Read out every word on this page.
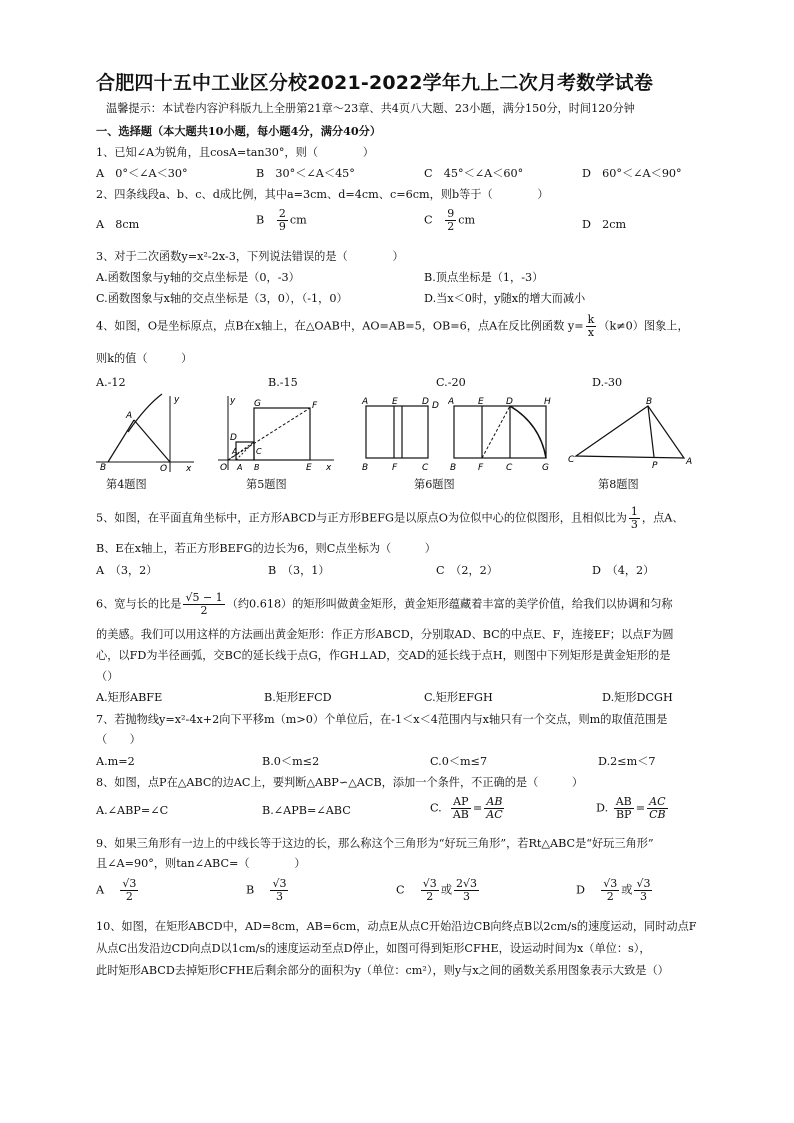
合肥四十五中工业区分校2021-2022学年九上二次月考数学试卷
温馨提示：本试卷内容沪科版九上全册第21章～23章、共4页八大题、23小题，满分150分，时间120分钟
一、选择题（本大题共10小题，每小题4分，满分40分）
1、已知∠A为锐角，且cosA=tan30°，则（　　　　）
A　0°＜∠A＜30°	B　30°＜∠A＜45°	C　45°＜∠A＜60°	D　60°＜∠A＜90°
2、四条线段a、b、c、d成比例，其中a=3cm、d=4cm、c=6cm，则b等于（　　　　）
A　8cm	B $\frac{2}{9}$ cm	C $\frac{9}{2}$ cm	D　2cm
3、对于二次函数y=x²-2x-3，下列说法错误的是（　　　　）
A.函数图象与y轴的交点坐标是（0，-3）	B.顶点坐标是（1，-3）
C.函数图象与x轴的交点坐标是（3，0），（-1，0）	D.当x＜0时，y随x的增大而减小
4、如图，O是坐标原点，点B在x轴上，在△OAB中，AO=AB=5，OB=6，点A在反比例函数 $y= \frac{k}{x} (k\ne 0)$图象上，
则k的值（　　　）
A.-12	B.-15	C.-20	D.-30
A
B	O x
y	G	F
D
A C
O A B	E x
y	A	E	D D
B	F	C
A	E D	H
B F	C	G
B
C
P	A
第4题图	第5题图	第6题图	第8题图
5、如图，在平面直角坐标中，正方形ABCD与正方形BEFG是以原点O为位似中心的位似图形，且相似比为 $\frac{1}{3}$ ，点A、
B、E在x轴上，若正方形BEFG的边长为6，则C点坐标为（　　　）
A　（3，2）	B　（3，1）	C　（2，2）	D　（4，2）
6、宽与长的比是 $\frac{√5 - 1}{2}$ （约0.618）的矩形叫做黄金矩形，黄金矩形蕴藏着丰富的美学价值，给我们以协调和匀称
的美感。我们可以用这样的方法画出黄金矩形：作正方形ABCD，分别取AD、BC的中点E、F，连接EF；以点F为圆
心，以FD为半径画弧，交BC的延长线于点G，作GH⊥AD，交AD的延长线于点H，则图中下列矩形是黄金矩形的是
（）
A.矩形ABFE	B.矩形EFCD	C.矩形EFGH	D.矩形DCGH
7、若抛物线y=x²-4x+2向下平移m（m>0）个单位后，在-1＜x＜4范围内与x轴只有一个交点，则m的取值范围是
（　　）
A.m=2	B.0＜m≤2	C.0＜m≤7	D.2≤m＜7
8、如图，点P在△ABC的边AC上，要判断△ABP∽△ACB，添加一个条件，不正确的是（　　　）
A.∠ABP=∠C	B.∠APB=∠ABC	C. $\frac{AP}{AB} = \frac{AB}{AC}$	D. $\frac{AB}{BP} = \frac{AC}{CB}$
9、如果三角形有一边上的中线长等于这边的长，那么称这个三角形为“好玩三角形”，若Rt△ABC是“好玩三角形”
且∠A=90°，则tan∠ABC=（　　　　）
A $\frac{√3}{2}$	B $\frac{√3}{3}$	C $\frac{√3}{2}$ 或 $\frac{2√3}{3}$	D $\frac{√3}{2}$ 或 $\frac{√3}{3}$
10、如图，在矩形ABCD中，AD=8cm，AB=6cm，动点E从点C开始沿边CB向终点B以2cm/s的速度运动，同时动点F
从点C出发沿边CD向点D以1cm/s的速度运动至点D停止，如图可得到矩形CFHE，设运动时间为x（单位：s），
此时矩形ABCD去掉矩形CFHE后剩余部分的面积为y（单位：cm²），则y与x之间的函数关系用图象表示大致是（）
